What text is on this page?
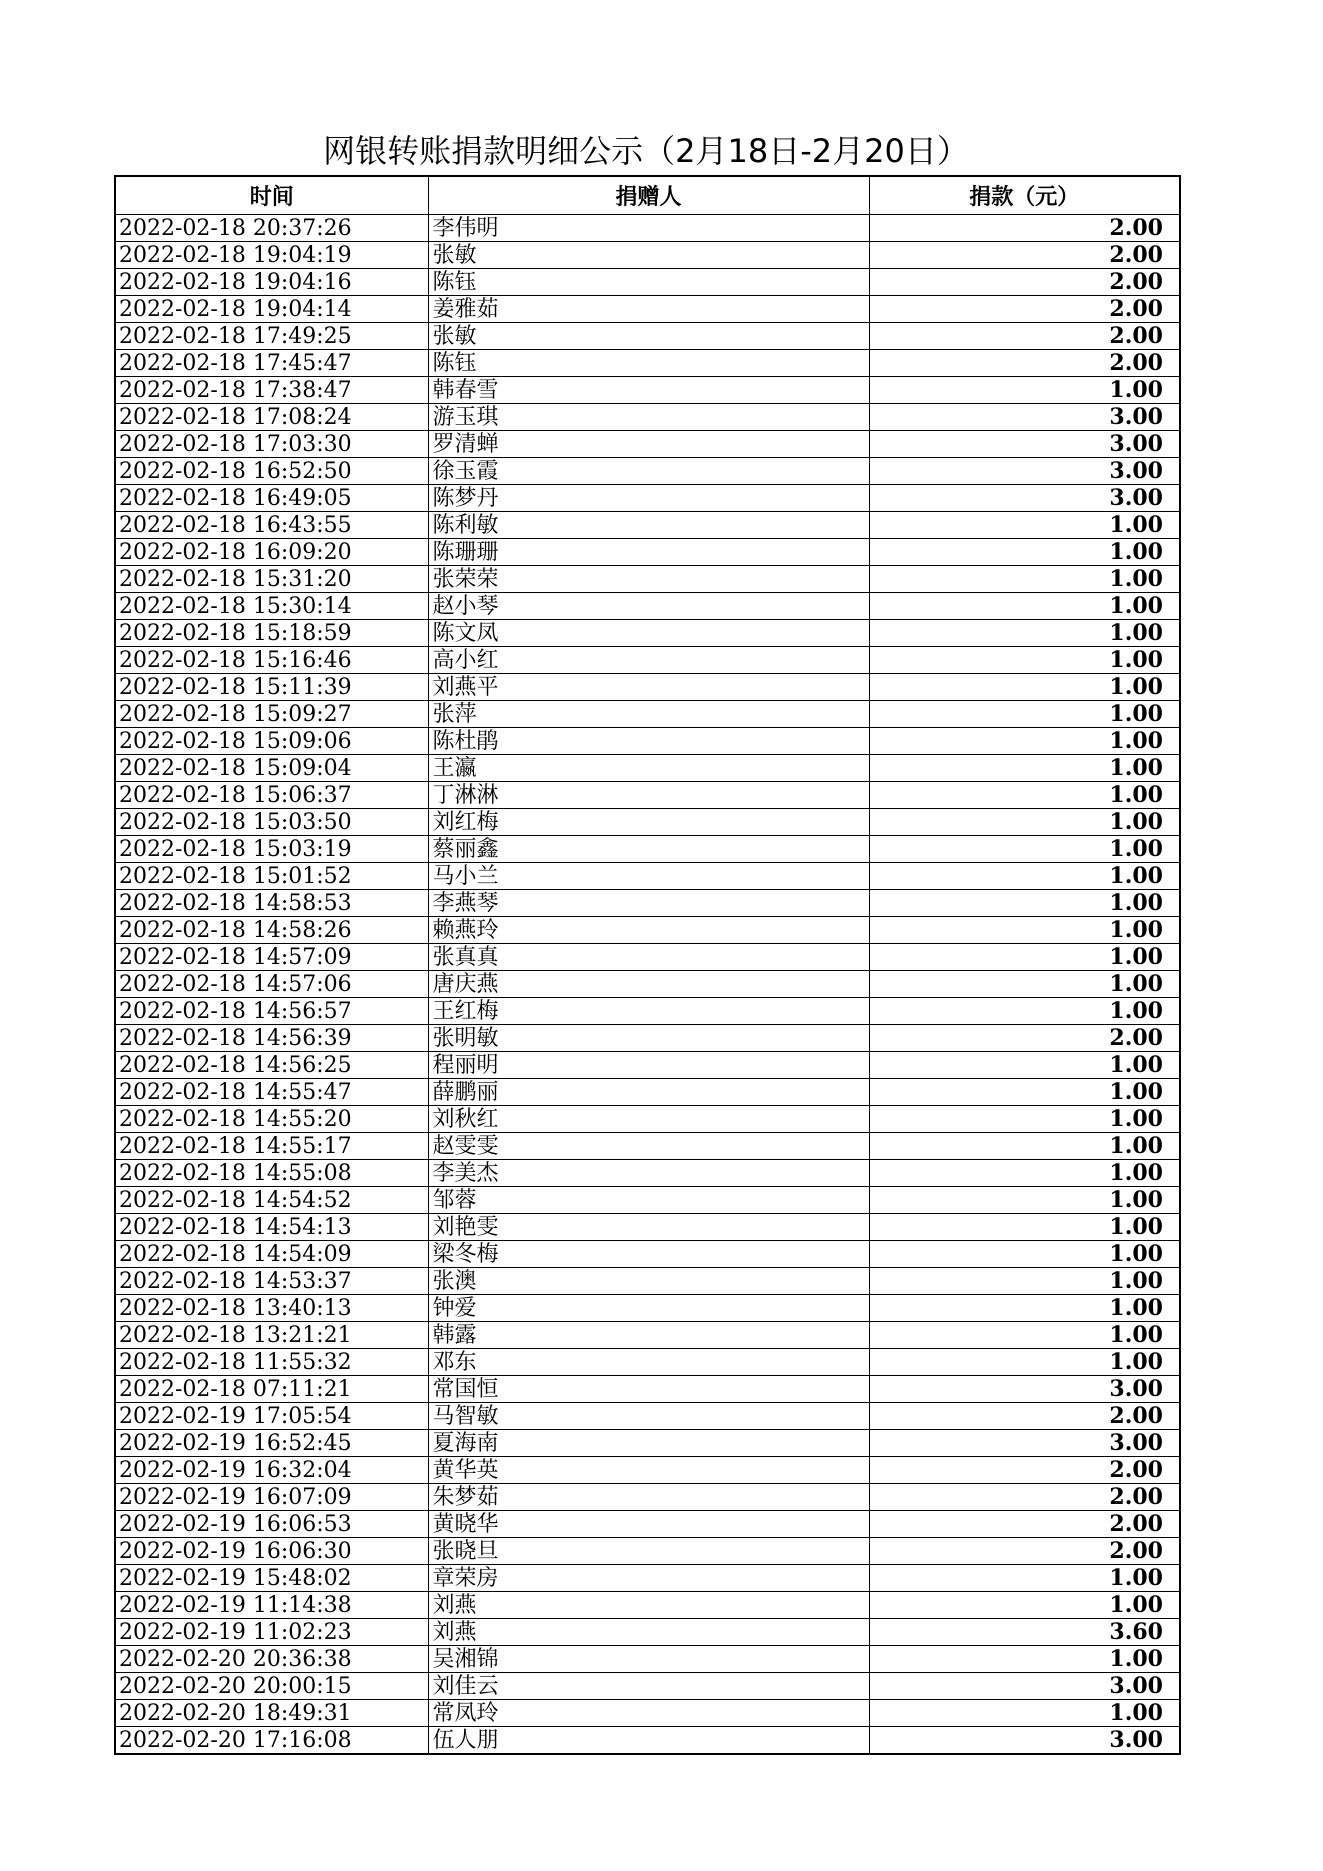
网银转账捐款明细公示（2月18日-2月20日）
时间	捐赠人	捐款（元）
2022-02-18 20:37:26	李伟明	2.00
2022-02-18 19:04:19	张敏	2.00
2022-02-18 19:04:16	陈钰	2.00
2022-02-18 19:04:14	姜雅茹	2.00
2022-02-18 17:49:25	张敏	2.00
2022-02-18 17:45:47	陈钰	2.00
2022-02-18 17:38:47	韩春雪	1.00
2022-02-18 17:08:24	游玉琪	3.00
2022-02-18 17:03:30	罗清蝉	3.00
2022-02-18 16:52:50	徐玉霞	3.00
2022-02-18 16:49:05	陈梦丹	3.00
2022-02-18 16:43:55	陈利敏	1.00
2022-02-18 16:09:20	陈珊珊	1.00
2022-02-18 15:31:20	张荣荣	1.00
2022-02-18 15:30:14	赵小琴	1.00
2022-02-18 15:18:59	陈文凤	1.00
2022-02-18 15:16:46	高小红	1.00
2022-02-18 15:11:39	刘燕平	1.00
2022-02-18 15:09:27	张萍	1.00
2022-02-18 15:09:06	陈杜鹃	1.00
2022-02-18 15:09:04	王瀛	1.00
2022-02-18 15:06:37	丁淋淋	1.00
2022-02-18 15:03:50	刘红梅	1.00
2022-02-18 15:03:19	蔡丽鑫	1.00
2022-02-18 15:01:52	马小兰	1.00
2022-02-18 14:58:53	李燕琴	1.00
2022-02-18 14:58:26	赖燕玲	1.00
2022-02-18 14:57:09	张真真	1.00
2022-02-18 14:57:06	唐庆燕	1.00
2022-02-18 14:56:57	王红梅	1.00
2022-02-18 14:56:39	张明敏	2.00
2022-02-18 14:56:25	程丽明	1.00
2022-02-18 14:55:47	薛鹏丽	1.00
2022-02-18 14:55:20	刘秋红	1.00
2022-02-18 14:55:17	赵雯雯	1.00
2022-02-18 14:55:08	李美杰	1.00
2022-02-18 14:54:52	邹蓉	1.00
2022-02-18 14:54:13	刘艳雯	1.00
2022-02-18 14:54:09	梁冬梅	1.00
2022-02-18 14:53:37	张澳	1.00
2022-02-18 13:40:13	钟爱	1.00
2022-02-18 13:21:21	韩露	1.00
2022-02-18 11:55:32	邓东	1.00
2022-02-18 07:11:21	常国恒	3.00
2022-02-19 17:05:54	马智敏	2.00
2022-02-19 16:52:45	夏海南	3.00
2022-02-19 16:32:04	黄华英	2.00
2022-02-19 16:07:09	朱梦茹	2.00
2022-02-19 16:06:53	黄晓华	2.00
2022-02-19 16:06:30	张晓旦	2.00
2022-02-19 15:48:02	章荣房	1.00
2022-02-19 11:14:38	刘燕	1.00
2022-02-19 11:02:23	刘燕	3.60
2022-02-20 20:36:38	吴湘锦	1.00
2022-02-20 20:00:15	刘佳云	3.00
2022-02-20 18:49:31	常凤玲	1.00
2022-02-20 17:16:08	伍人朋	3.00
